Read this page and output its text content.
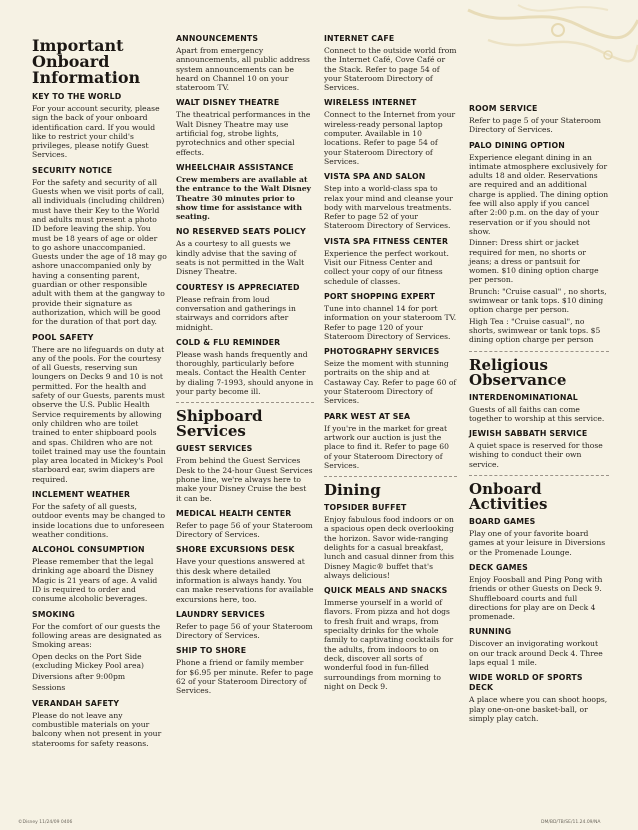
Important Onboard Information
KEY TO THE WORLD
For your account security, please sign the back of your onboard identification card. If you would like to restrict your child's privileges, please notify Guest Services.
SECURITY NOTICE
For the safety and security of all Guests when we visit ports of call, all individuals (including children) must have their Key to the World and adults must present a photo ID before leaving the ship. You must be 18 years of age or older to go ashore unaccompanied. Guests under the age of 18 may go ashore unaccompanied only by having a consenting parent, guardian or other responsible adult with them at the gangway to provide their signature as authorization, which will be good for the duration of that port day.
POOL SAFETY
There are no lifeguards on duty at any of the pools. For the courtesy of all Guests, reserving sun loungers on Decks 9 and 10 is not permitted. For the health and safety of our Guests, parents must observe the U.S. Public Health Service requirements by allowing only children who are toilet trained to enter shipboard pools and spas. Children who are not toilet trained may use the fountain play area located in Mickey's Pool starboard ear, swim diapers are required.
INCLEMENT WEATHER
For the safety of all guests, outdoor events may be changed to inside locations due to unforeseen weather conditions.
ALCOHOL CONSUMPTION
Please remember that the legal drinking age aboard the Disney Magic is 21 years of age. A valid ID is required to order and consume alcoholic beverages.
SMOKING
For the comfort of our guests the following areas are designated as Smoking areas:
Open decks on the Port Side (excluding Mickey Pool area)
Diversions after 9:00pm
Sessions
VERANDAH SAFETY
Please do not leave any combustible materials on your balcony when not present in your staterooms for safety reasons.
ANNOUNCEMENTS
Apart from emergency announcements, all public address system announcements can be heard on Channel 10 on your stateroom TV.
WALT DISNEY THEATRE
The theatrical performances in the Walt Disney Theatre may use artificial fog, strobe lights, pyrotechnics and other special effects.
WHEELCHAIR ASSISTANCE
Crew members are available at the entrance to the Walt Disney Theatre 30 minutes prior to show time for assistance with seating.
NO RESERVED SEATS POLICY
As a courtesy to all guests we kindly advise that the saving of seats is not permitted in the Walt Disney Theatre.
COURTESY IS APPRECIATED
Please refrain from loud conversation and gatherings in stairways and corridors after midnight.
COLD & FLU REMINDER
Please wash hands frequently and thoroughly, particularly before meals. Contact the Health Center by dialing 7-1993, should anyone in your party become ill.
Shipboard Services
GUEST SERVICES
From behind the Guest Services Desk to the 24-hour Guest Services phone line, we're always here to make your Disney Cruise the best it can be.
MEDICAL HEALTH CENTER
Refer to page 56 of your Stateroom Directory of Services.
SHORE EXCURSIONS DESK
Have your questions answered at this desk where detailed information is always handy. You can make reservations for available excursions here, too.
LAUNDRY SERVICES
Refer to page 56 of your Stateroom Directory of Services.
SHIP TO SHORE
Phone a friend or family member for $6.95 per minute. Refer to page 62 of your Stateroom Directory of Services.
INTERNET CAFE
Connect to the outside world from the Internet Café, Cove Café or the Stack. Refer to page 54 of your Stateroom Directory of Services.
WIRELESS INTERNET
Connect to the Internet from your wireless-ready personal laptop computer. Available in 10 locations. Refer to page 54 of your Stateroom Directory of Services.
VISTA SPA AND SALON
Step into a world-class spa to relax your mind and cleanse your body with marvelous treatments. Refer to page 52 of your Stateroom Directory of Services.
VISTA SPA FITNESS CENTER
Experience the perfect workout. Visit our Fitness Center and collect your copy of our fitness schedule of classes.
PORT SHOPPING EXPERT
Tune into channel 14 for port information on your stateroom TV. Refer to page 120 of your Stateroom Directory of Services.
PHOTOGRAPHY SERVICES
Seize the moment with stunning portraits on the ship and at Castaway Cay. Refer to page 60 of your Stateroom Directory of Services.
PARK WEST AT SEA
If you're in the market for great artwork our auction is just the place to find it. Refer to page 60 of your Stateroom Directory of Services.
Dining
TOPSIDER BUFFET
Enjoy fabulous food indoors or on a spacious open deck overlooking the horizon. Savor wide-ranging delights for a casual breakfast, lunch and casual dinner from this Disney Magic® buffet that's always delicious!
QUICK MEALS AND SNACKS
Immerse yourself in a world of flavors. From pizza and hot dogs to fresh fruit and wraps, from specialty drinks for the whole family to captivating cocktails for the adults, from indoors to on deck, discover all sorts of wonderful food in fun-filled surroundings from morning to night on Deck 9.
ROOM SERVICE
Refer to page 5 of your Stateroom Directory of Services.
PALO DINING OPTION
Experience elegant dining in an intimate atmosphere exclusively for adults 18 and older. Reservations are required and an additional charge is applied. The dining option fee will also apply if you cancel after 2:00 p.m. on the day of your reservation or if you should not show.
Dinner: Dress shirt or jacket required for men, no shorts or jeans; a dress or pantsuit for women. $10 dining option charge per person.
Brunch: "Cruise casual" , no shorts, swimwear or tank tops. $10 dining option charge per person.
High Tea : "Cruise casual", no shorts, swimwear or tank tops. $5 dining option charge per person
Religious Observance
INTERDENOMINATIONAL
Guests of all faiths can come together to worship at this service.
JEWISH SABBATH SERVICE
A quiet space is reserved for those wishing to conduct their own service.
Onboard Activities
BOARD GAMES
Play one of your favorite board games at your leisure in Diversions or the Promenade Lounge.
DECK GAMES
Enjoy Foosball and Ping Pong with friends or other Guests on Deck 9. Shuffleboard courts and full directions for play are on Deck 4 promenade.
RUNNING
Discover an invigorating workout on our track around Deck 4. Three laps equal 1 mile.
WIDE WORLD OF SPORTS DECK
A place where you can shoot hoops, play one-on-one basket-ball, or simply play catch.
©Disney 11/24/09 0406	DM/BD/TB/SE/11.24.09/NA
